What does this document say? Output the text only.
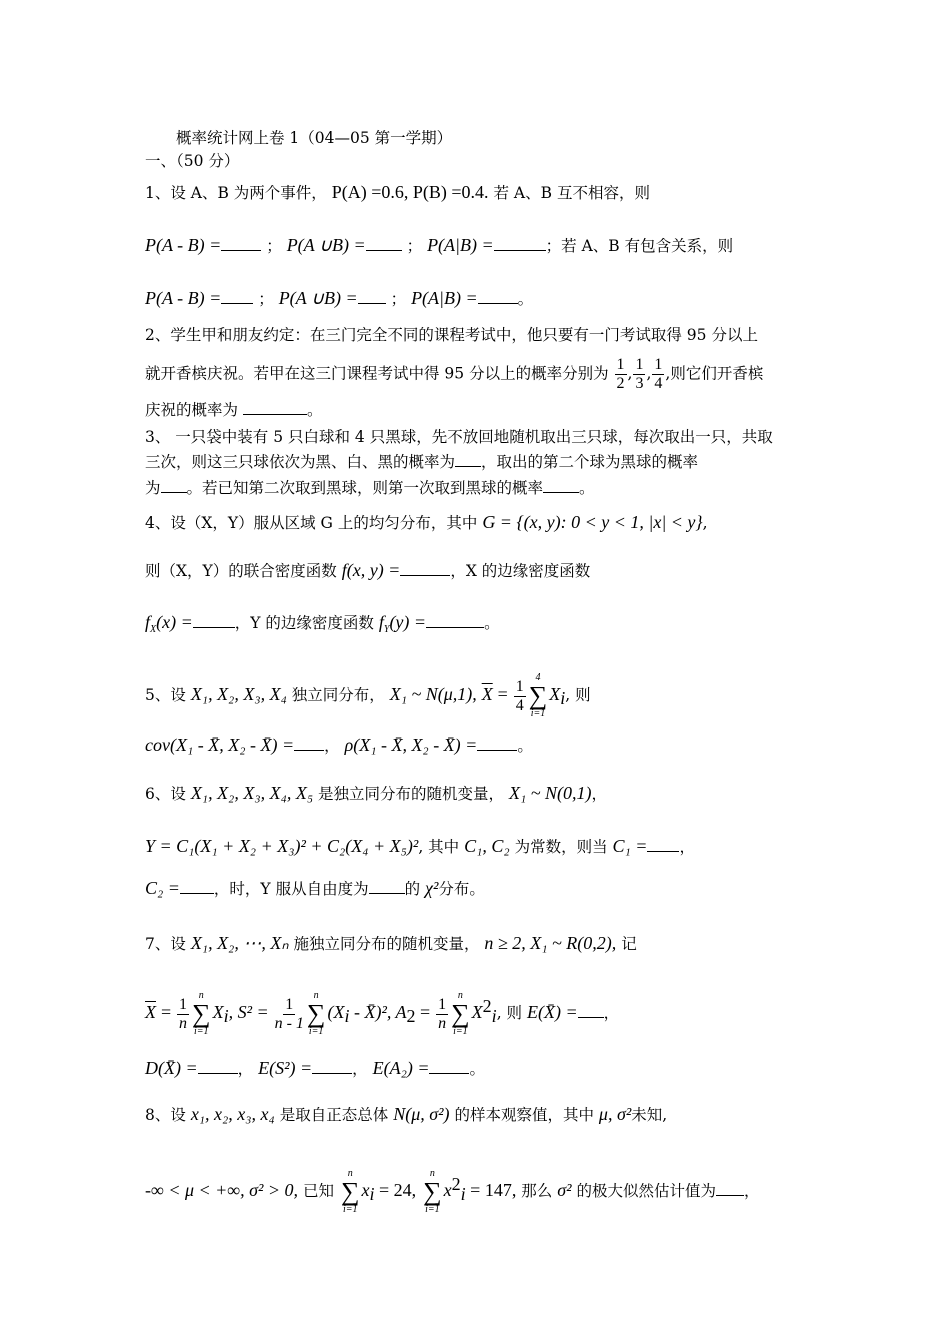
概率统计网上卷 1（04—05 第一学期）
一、（50 分）
1、设 A、B 为两个事件， P(A) =0.6, P(B) =0.4. 若 A、B 互不相容，则
P(A - B) =	； P(A ∪B) =	； P(A|B) =	；若 A、B 有包含关系，则
P(A - B) = ； P(A ∪B) = ； P(A|B) =	。
2、学生甲和朋友约定：在三门完全不同的课程考试中，他只要有一门考试取得 95 分以上
就开香槟庆祝。若甲在这三门课程考试中得 95 分以上的概率分别为 $\frac{1}{2}$ , $\frac{1}{3}$ , $\frac{1}{4}$ ,则它们开香槟
庆祝的概率为	。
3、 一只袋中装有 5 只白球和 4 只黑球，先不放回地随机取出三只球，每次取出一只，共取
三次，则这三只球依次为黑、白、黑的概率为 ，取出的第二个球为黑球的概率
为 。若已知第二次取到黑球，则第一次取到黑球的概率 。
4、设（X，Y）服从区域 G 上的均匀分布，其中 G = {(x, y): 0 < y < 1, |x| < y},
则（X，Y）的联合密度函数 f(x, y) =	，X 的边缘密度函数
$f_X(x)$ =	，Y 的边缘密度函数 $f_Y(y)$ =	。
5、设 X₁, X₂, X₃, X₄ 独立同分布， X₁ ~ N(μ,1), $\overline{X} = \frac{1}{4} 4$
∑
i=1
$X_i$, 则
cov(X₁ - X̄, X₂ - X̄) = ， ρ(X₁ - X̄, X₂ - X̄) =	。
6、设 X₁, X₂, X₃, X₄, X₅ 是独立同分布的随机变量， X₁ ~ N(0,1)，
Y = C₁(X₁ + X₂ + X₃)² + C₂(X₄ + X₅)², 其中 C₁, C₂ 为常数，则当 C₁ = ，
C₂ = ，时，Y 服从自由度为 的 χ²分布。
7、设 X₁, X₂, ⋯, Xₙ 施独立同分布的随机变量， n ≥ 2, X₁ ~ R(0,2), 记
$\overline{X} = \frac{1}{n}$ n
∑
i=1
$X_i$, $S^2 = \frac{1}{n - 1}$ n
∑
i=1
($X_i$ - X̄)², $A_2 = \frac{1}{n}$ n
∑
i=1
$X^2_i$, 则 E(X̄) = ，
D(X̄) =	， E(S²) =	， E(A₂) =	。
8、设 x₁, x₂, x₃, x₄ 是取自正态总体 N(μ, σ²) 的样本观察值，其中 μ, σ²未知,
-∞ < μ < +∞, σ² > 0, 已知
n
∑
i=1
$x_i = 24$,
n
∑
i=1
$x^2_i = 147$, 那么 σ² 的极大似然估计值为 ，
